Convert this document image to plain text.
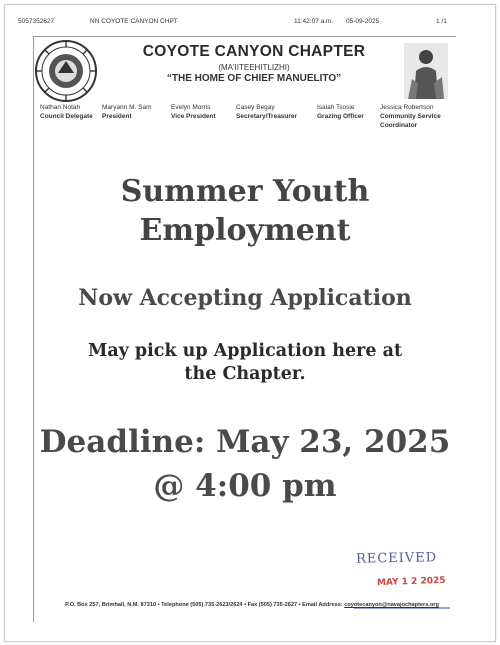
5057352627	NN COYOTE CANYON CHPT	11:42:07 a.m. 05-09-2025	1 /1
COYOTE CANYON CHAPTER
(MA'IITEEHITLIZHI)
“THE HOME OF CHIEF MANUELITO”
Nathan Notah
Council Delegate
Maryann M. Sam
President
Evelyn Morris
Vice President
Casey Begay
Secretary/Treasurer
Isaiah Tsosie
Grazing Officer
Jessica Robertson
Community Service Coordinator
Summer Youth
Employment
Now Accepting Application
May pick up Application here at the Chapter.
Deadline: May 23, 2025
@ 4:00 pm
RECEIVED
MAY 1 2 2025
P.O. Box 257, Brimhall, N.M. 87310 • Telephone (505) 735-2623/2624 • Fax (505) 735-2627 • Email Address: coyotecanyon@navajochapters.org
